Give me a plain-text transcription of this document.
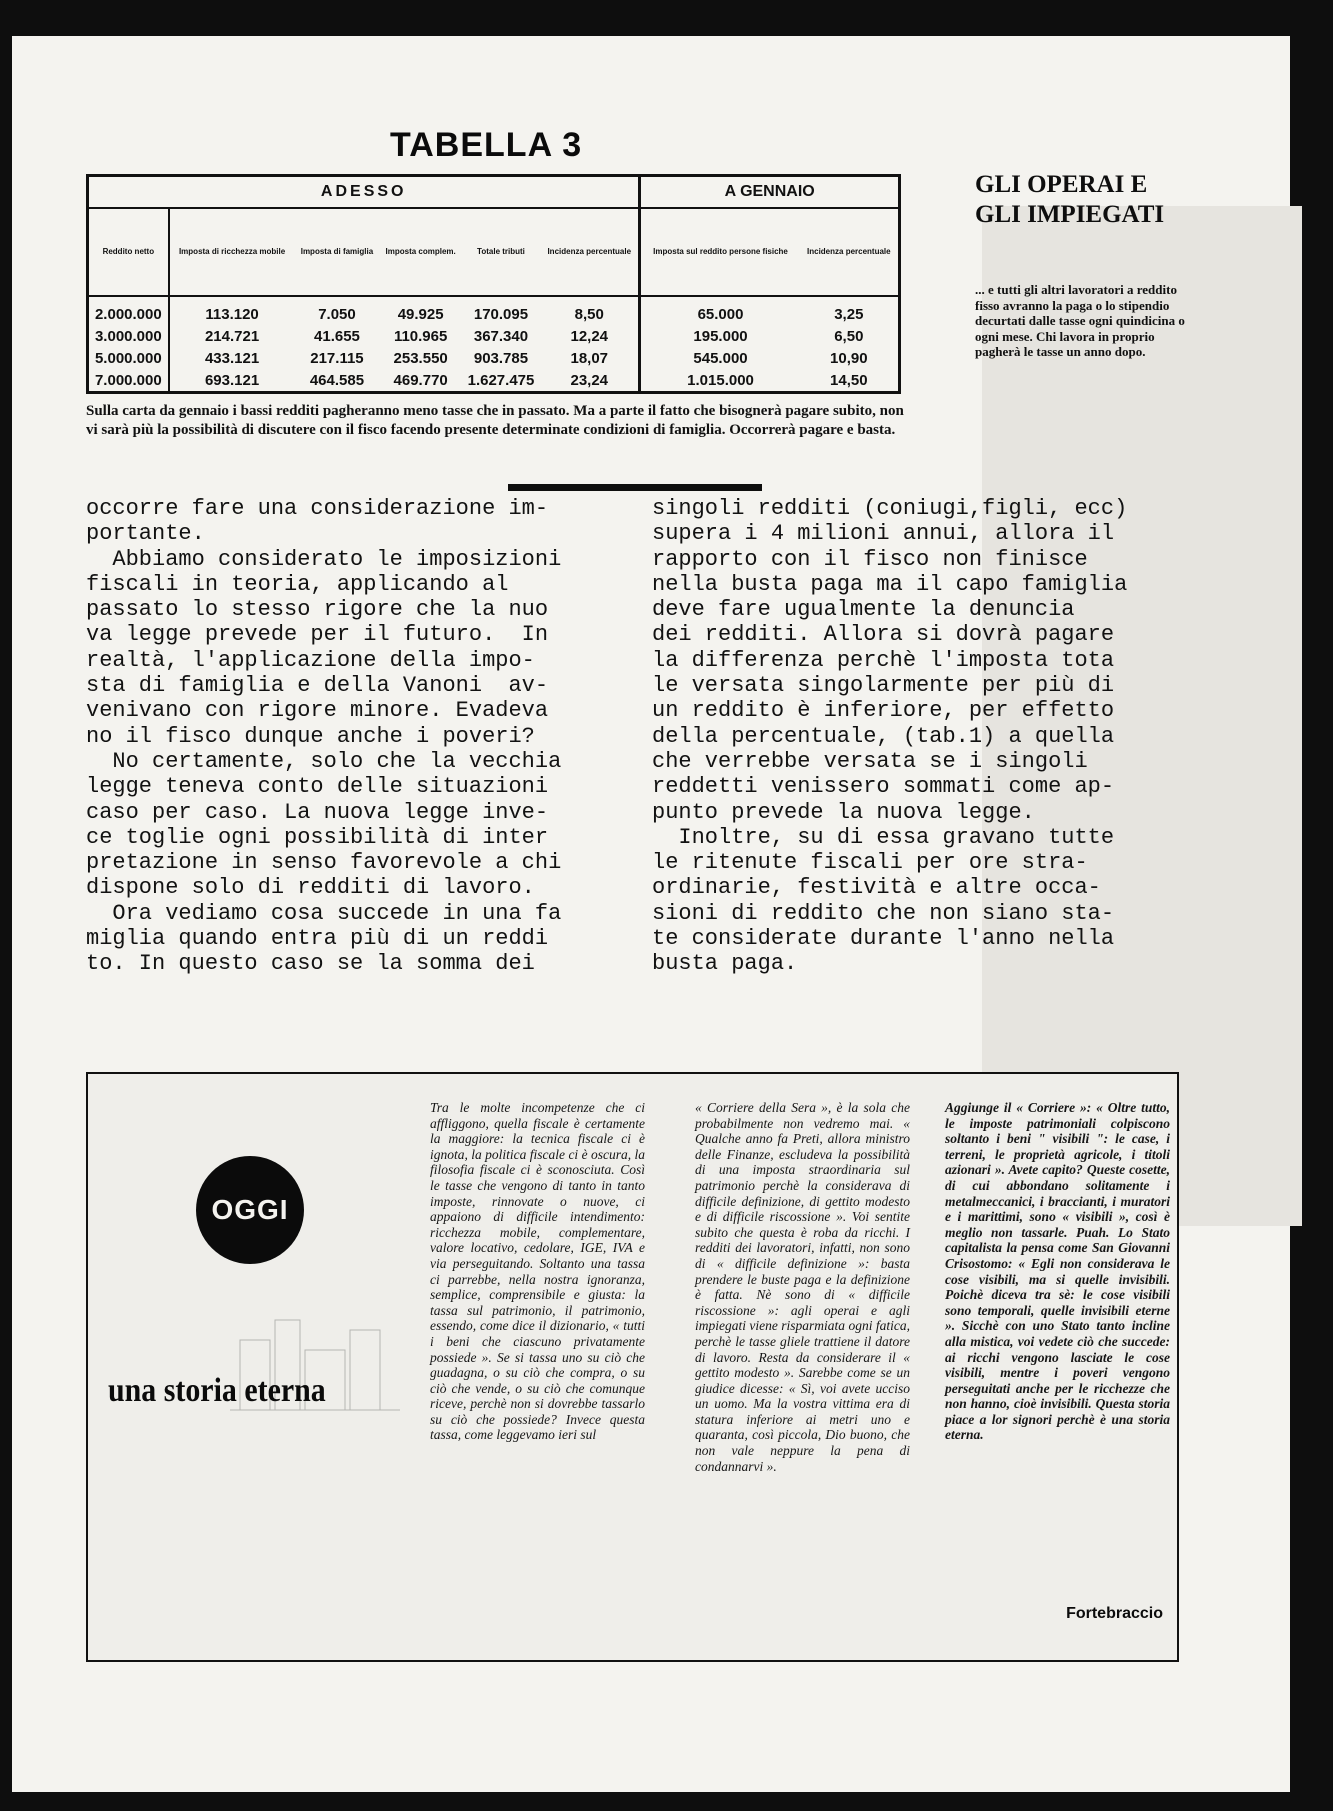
TABELLA 3
ADESSO						A GENNAIO	
Reddito netto	Imposta di ricchezza mobile	Imposta di famiglia	Imposta complem.	Totale tributi	Incidenza percentuale	Imposta sul reddito persone fisiche	Incidenza percentuale
2.000.000	113.120	7.050	49.925	170.095	8,50	65.000	3,25
3.000.000	214.721	41.655	110.965	367.340	12,24	195.000	6,50
5.000.000	433.121	217.115	253.550	903.785	18,07	545.000	10,90
7.000.000	693.121	464.585	469.770	1.627.475	23,24	1.015.000	14,50
Sulla carta da gennaio i bassi redditi pagheranno meno tasse che in passato. Ma a parte il fatto che bisognerà pagare subito, non vi sarà più la possibilità di discutere con il fisco facendo presente determinate condizioni di famiglia. Occorrerà pagare e basta.
GLI OPERAI E GLI IMPIEGATI
... e tutti gli altri lavoratori a reddito fisso avranno la paga o lo stipendio decurtati dalle tasse ogni quindicina o ogni mese. Chi lavora in proprio pagherà le tasse un anno dopo.
occorre fare una considerazione im-
portante.
Abbiamo considerato le imposizioni
fiscali in teoria, applicando al
passato lo stesso rigore che la nuo
va legge prevede per il futuro.  In
realtà, l'applicazione della impo-
sta di famiglia e della Vanoni  av-
venivano con rigore minore. Evadeva
no il fisco dunque anche i poveri?
No certamente, solo che la vecchia
legge teneva conto delle situazioni
caso per caso. La nuova legge inve-
ce toglie ogni possibilità di inter
pretazione in senso favorevole a chi
dispone solo di redditi di lavoro.
Ora vediamo cosa succede in una fa
miglia quando entra più di un reddi
to. In questo caso se la somma dei
singoli redditi (coniugi,figli, ecc)
supera i 4 milioni annui, allora il
rapporto con il fisco non finisce
nella busta paga ma il capo famiglia
deve fare ugualmente la denuncia
dei redditi. Allora si dovrà pagare
la differenza perchè l'imposta tota
le versata singolarmente per più di
un reddito è inferiore, per effetto
della percentuale, (tab.1) a quella
che verrebbe versata se i singoli
reddetti venissero sommati come ap-
punto prevede la nuova legge.
Inoltre, su di essa gravano tutte
le ritenute fiscali per ore stra-
ordinarie, festività e altre occa-
sioni di reddito che non siano sta-
te considerate durante l'anno nella
busta paga.
OGGI
una storia eterna
Tra le molte incompetenze che ci affliggono, quella fiscale è certamente la maggiore: la tecnica fiscale ci è ignota, la politica fiscale ci è oscura, la filosofia fiscale ci è sconosciuta. Così le tasse che vengono di tanto in tanto imposte, rinnovate o nuove, ci appaiono di difficile intendimento: ricchezza mobile, complementare, valore locativo, cedolare, IGE, IVA e via perseguitando. Soltanto una tassa ci parrebbe, nella nostra ignoranza, semplice, comprensibile e giusta: la tassa sul patrimonio, il patrimonio, essendo, come dice il dizionario, « tutti i beni che ciascuno privatamente possiede ». Se si tassa uno su ciò che guadagna, o su ciò che compra, o su ciò che vende, o su ciò che comunque riceve, perchè non si dovrebbe tassarlo su ciò che possiede? Invece questa tassa, come leggevamo ieri sul
« Corriere della Sera », è la sola che probabilmente non vedremo mai. « Qualche anno fa Preti, allora ministro delle Finanze, escludeva la possibilità di una imposta straordinaria sul patrimonio perchè la considerava di difficile definizione, di gettito modesto e di difficile riscossione ». Voi sentite subito che questa è roba da ricchi. I redditi dei lavoratori, infatti, non sono di « difficile definizione »: basta prendere le buste paga e la definizione è fatta. Nè sono di « difficile riscossione »: agli operai e agli impiegati viene risparmiata ogni fatica, perchè le tasse gliele trattiene il datore di lavoro. Resta da considerare il « gettito modesto ». Sarebbe come se un giudice dicesse: « Sì, voi avete ucciso un uomo. Ma la vostra vittima era di statura inferiore ai metri uno e quaranta, così piccola, Dio buono, che non vale neppure la pena di condannarvi ».
Aggiunge il « Corriere »: « Oltre tutto, le imposte patrimoniali colpiscono soltanto i beni " visibili ": le case, i terreni, le proprietà agricole, i titoli azionari ». Avete capito? Queste cosette, di cui abbondano solitamente i metalmeccanici, i braccianti, i muratori e i marittimi, sono « visibili », così è meglio non tassarle. Puah. Lo Stato capitalista la pensa come San Giovanni Crisostomo: « Egli non considerava le cose visibili, ma si quelle invisibili. Poichè diceva tra sè: le cose visibili sono temporali, quelle invisibili eterne ». Sicchè con uno Stato tanto incline alla mistica, voi vedete ciò che succede: ai ricchi vengono lasciate le cose visibili, mentre i poveri vengono perseguitati anche per le ricchezze che non hanno, cioè invisibili. Questa storia piace a lor signori perchè è una storia eterna.
Fortebraccio
